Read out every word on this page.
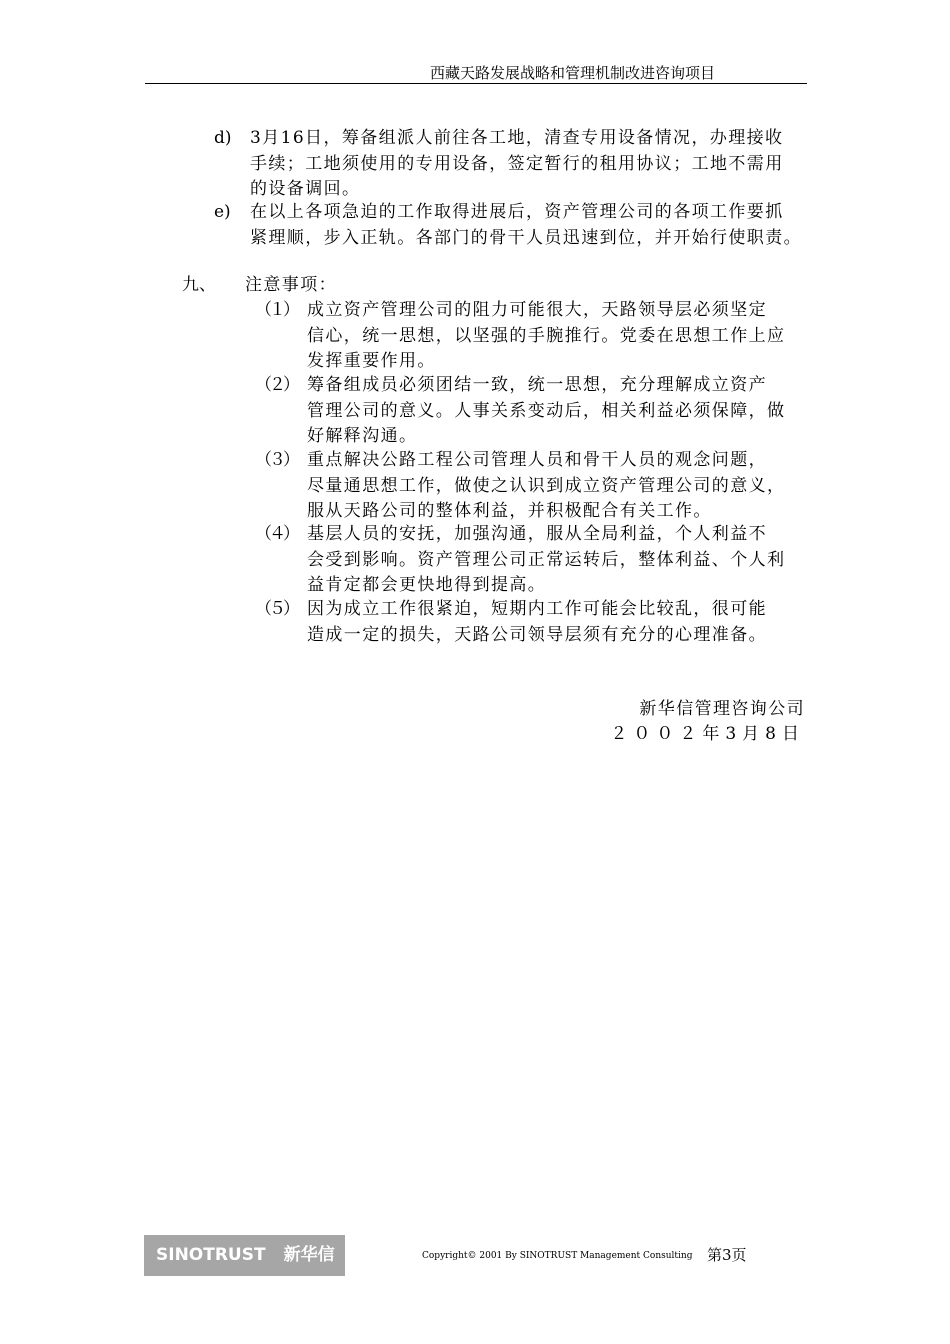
西藏天路发展战略和管理机制改进咨询项目
d) 3月16日，筹备组派人前往各工地，清查专用设备情况，办理接收
手续；工地须使用的专用设备，签定暂行的租用协议；工地不需用
的设备调回。
e) 在以上各项急迫的工作取得进展后，资产管理公司的各项工作要抓
紧理顺，步入正轨。各部门的骨干人员迅速到位，并开始行使职责。
九、 注意事项：
（１） 成立资产管理公司的阻力可能很大，天路领导层必须坚定
信心，统一思想，以坚强的手腕推行。党委在思想工作上应
发挥重要作用。
（２） 筹备组成员必须团结一致，统一思想，充分理解成立资产
管理公司的意义。人事关系变动后，相关利益必须保障，做
好解释沟通。
（３） 重点解决公路工程公司管理人员和骨干人员的观念问题，
尽量通思想工作，做使之认识到成立资产管理公司的意义，
服从天路公司的整体利益，并积极配合有关工作。
（４） 基层人员的安抚，加强沟通，服从全局利益，个人利益不
会受到影响。资产管理公司正常运转后，整体利益、个人利
益肯定都会更快地得到提高。
（５） 因为成立工作很紧迫，短期内工作可能会比较乱，很可能
造成一定的损失，天路公司领导层须有充分的心理准备。
新华信管理咨询公司
２００２年3月8日
SINOTRUST 新华信	Copyright© 2001 By SINOTRUST Management Consulting 第3页
